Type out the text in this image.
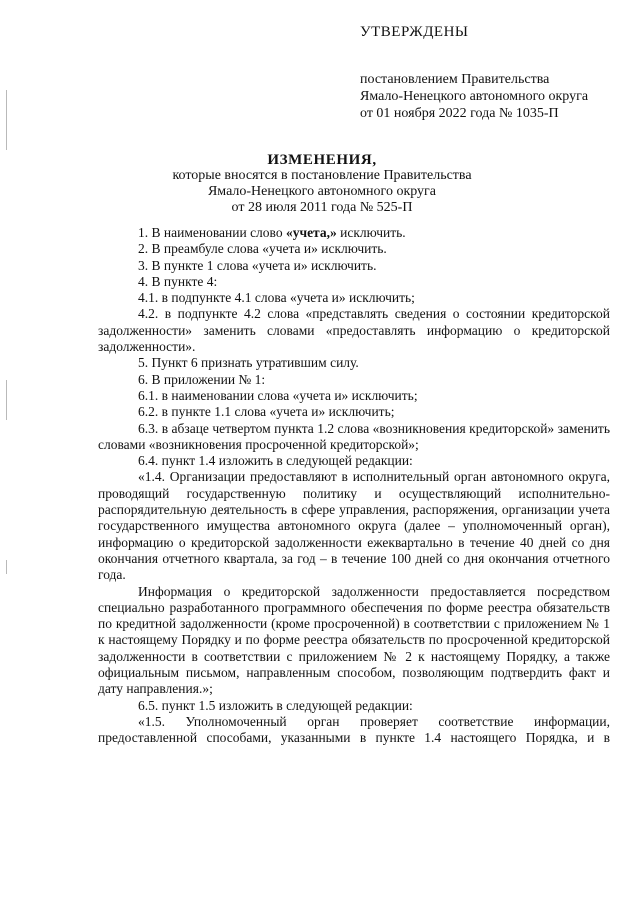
УТВЕРЖДЕНЫ
постановлением Правительства
Ямало-Ненецкого автономного округа
от 01 ноября 2022 года № 1035-П
ИЗМЕНЕНИЯ,
которые вносятся в постановление Правительства
Ямало-Ненецкого автономного округа
от 28 июля 2011 года № 525-П

1. В наименовании слово «учета,» исключить.

2. В преамбуле слова «учета и» исключить.

3. В пункте 1 слова «учета и» исключить.

4. В пункте 4:

4.1. в подпункте 4.1 слова «учета и» исключить;

4.2. в подпункте 4.2 слова «представлять сведения о состоянии кредиторской задолженности» заменить словами «предоставлять информацию о кредиторской задолженности».

5. Пункт 6 признать утратившим силу.

6. В приложении № 1:

6.1. в наименовании слова «учета и» исключить;

6.2. в пункте 1.1 слова «учета и» исключить;

6.3. в абзаце четвертом пункта 1.2 слова «возникновения кредиторской» заменить словами «возникновения просроченной кредиторской»;

6.4. пункт 1.4 изложить в следующей редакции:

«1.4. Организации предоставляют в исполнительный орган автономного округа, проводящий государственную политику и осуществляющий исполнительно-распорядительную деятельность в сфере управления, распоряжения, организации учета государственного имущества автономного округа (далее – уполномоченный орган), информацию о кредиторской задолженности ежеквартально в течение 40 дней со дня окончания отчетного квартала, за год – в течение 100 дней со дня окончания отчетного года.

Информация о кредиторской задолженности предоставляется посредством специально разработанного программного обеспечения по форме реестра обязательств по кредитной задолженности (кроме просроченной) в соответствии с приложением № 1 к настоящему Порядку и по форме реестра обязательств по просроченной кредиторской задолженности в соответствии с приложением № 2 к настоящему Порядку, а также официальным письмом, направленным способом, позволяющим подтвердить факт и дату направления.»;

6.5. пункт 1.5 изложить в следующей редакции:

«1.5. Уполномоченный орган проверяет соответствие информации, предоставленной способами, указанными в пункте 1.4 настоящего Порядка, и в
